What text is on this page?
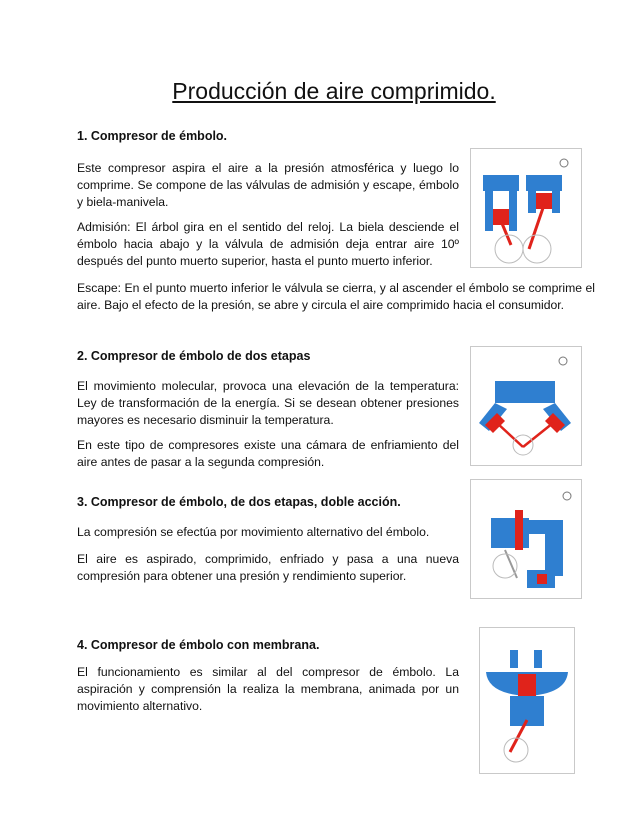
Producción de aire comprimido.
1. Compresor de émbolo.
Este compresor aspira el aire a la presión atmosférica y luego lo comprime. Se compone de las válvulas de admisión y escape, émbolo y biela-manivela.
Admisión: El árbol gira en el sentido del reloj. La biela desciende el émbolo hacia abajo y la válvula de admisión deja entrar aire 10º después del punto muerto superior, hasta el punto muerto inferior.
Escape: En el punto muerto inferior le válvula se cierra, y al ascender el émbolo se comprime el aire. Bajo el efecto de la presión, se abre y circula el aire comprimido hacia el consumidor.
2. Compresor de émbolo de dos etapas
El movimiento molecular, provoca una elevación de la temperatura: Ley de transformación de la energía. Si se desean obtener presiones mayores es necesario disminuir la temperatura.
En este tipo de compresores existe una cámara de enfriamiento del aire antes de pasar a la segunda compresión.
3. Compresor de émbolo, de dos etapas, doble acción.
La compresión se efectúa por movimiento alternativo del émbolo.
El aire es aspirado, comprimido, enfriado y pasa a una nueva compresión para obtener una presión y rendimiento superior.
4. Compresor de émbolo con membrana.
El funcionamiento es similar al del compresor de émbolo. La aspiración y comprensión la realiza la membrana, animada por un movimiento alternativo.
